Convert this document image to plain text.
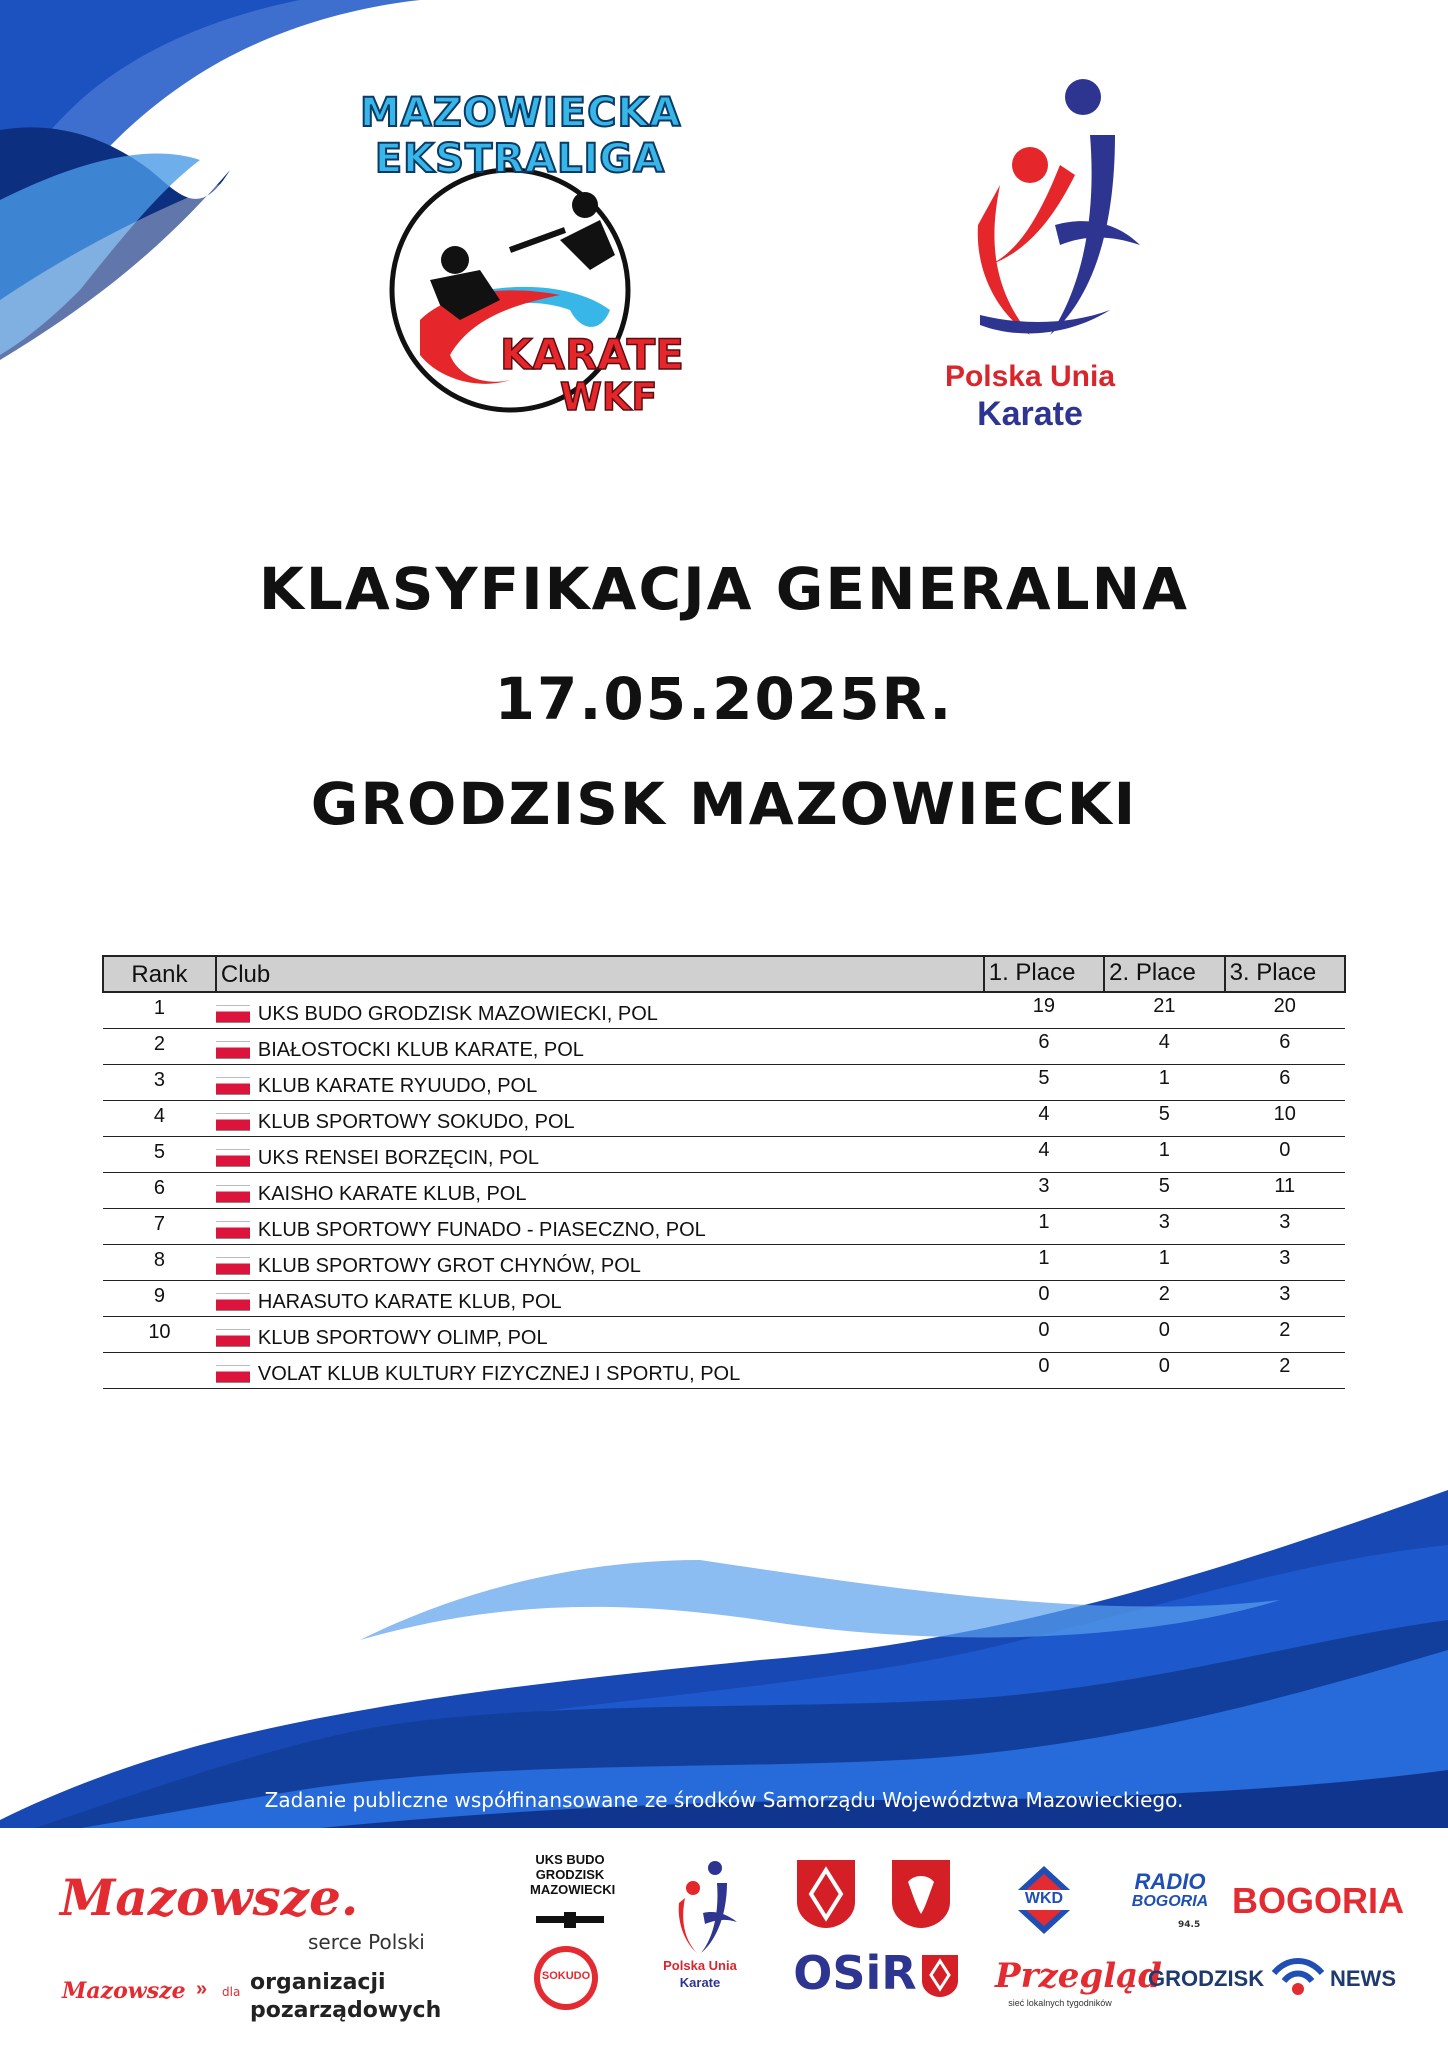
MAZOWIECKA
EKSTRALIGA
KARATE
WKF	Polska Unia
Karate
KLASYFIKACJA GENERALNA
17.05.2025R.
GRODZISK MAZOWIECKI
Rank	Club	1. Place	2. Place	3. Place
1	UKS BUDO GRODZISK MAZOWIECKI, POL	19	21	20
2	BIAŁOSTOCKI KLUB KARATE, POL	6	4	6
3	KLUB KARATE RYUUDO, POL	5	1	6
4	KLUB SPORTOWY SOKUDO, POL	4	5	10
5	UKS RENSEI BORZĘCIN, POL	4	1	0
6	KAISHO KARATE KLUB, POL	3	5	11
7	KLUB SPORTOWY FUNADO - PIASECZNO, POL	1	3	3
8	KLUB SPORTOWY GROT CHYNÓW, POL	1	1	3
9	HARASUTO KARATE KLUB, POL	0	2	3
10	KLUB SPORTOWY OLIMP, POL	0	0	2
	VOLAT KLUB KULTURY FIZYCZNEJ I SPORTU, POL	0	0	2
Zadanie publiczne współfinansowane ze środków Samorządu Województwa Mazowieckiego.
Mazowsze.
serce Polski
Mazowsze » dla organizacji
pozarządowych
UKS BUDO
GRODZISK
MAZOWIECKI
SOKUDO
Polska Unia
Karate	OSiR
WKD
Przegląd
sieć lokalnych tygodników
RADIO
BOGORIA
94.5
BOGORIA
GRODZISK	NEWS
